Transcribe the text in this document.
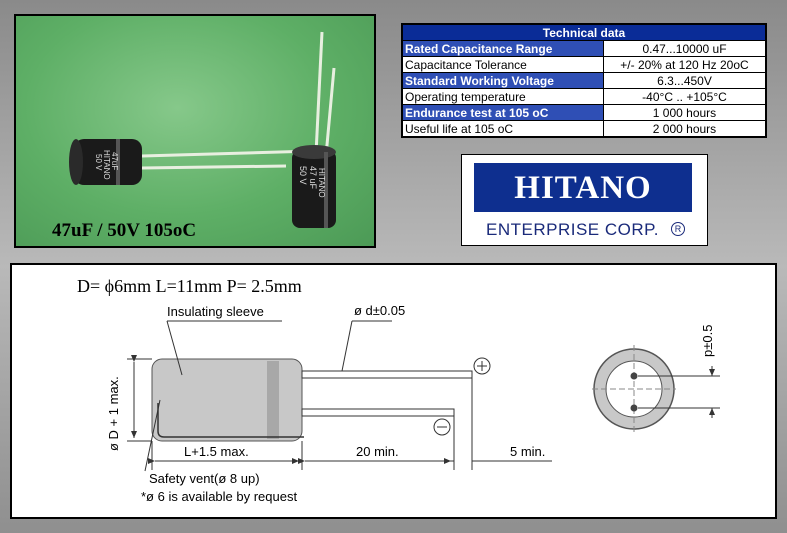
50 V HITANO 47uF
50 V 47 uF HITANO
47uF / 50V 105oC
Technical data	
Rated Capacitance Range	0.47...10000 uF
Capacitance Tolerance	+/- 20% at 120 Hz 20oC
Standard Working Voltage	6.3...450V
Operating temperature	-40°C .. +105°C
Endurance test at 105 oC	1 000 hours
Useful life at 105 oC	2 000 hours
HITANO
ENTERPRISE CORP.	R
D= ϕ6mm L=11mm P= 2.5mm
Insulating sleeve	ø d±0.05
ø D + 1 max.
L+1.5 max.	20 min.	5 min.
Safety vent(ø 8 up)
*ø 6 is available by request
p±0.5
